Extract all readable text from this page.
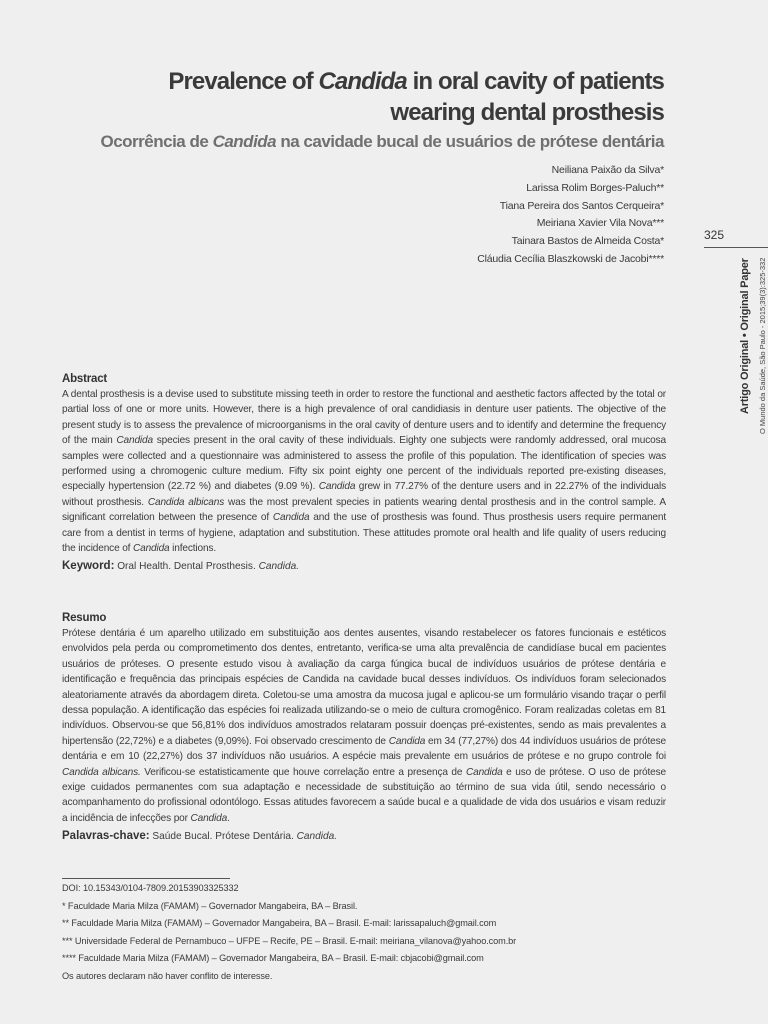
Prevalence of Candida in oral cavity of patients
wearing dental prosthesis
Ocorrência de Candida na cavidade bucal de usuários de prótese dentária
Neiliana Paixão da Silva*
Larissa Rolim Borges-Paluch**
Tiana Pereira dos Santos Cerqueira*
Meiriana Xavier Vila Nova***
Tainara Bastos de Almeida Costa*
Cláudia Cecília Blaszkowski de Jacobi****
325
Artigo Original • Original Paper O Mundo da Saúde, São Paulo - 2015;39(3):325-332
Abstract

A dental prosthesis is a devise used to substitute missing teeth in order to restore the functional and aesthetic factors affected by the total or partial loss of one or more units. However, there is a high prevalence of oral candidiasis in denture user patients. The objective of the present study is to assess the prevalence of microorganisms in the oral cavity of denture users and to identify and determine the frequency of the main Candida species present in the oral cavity of these individuals. Eighty one subjects were randomly addressed, oral mucosa samples were collected and a questionnaire was administered to assess the profile of this population. The identification of species was performed using a chromogenic culture medium. Fifty six point eighty one percent of the individuals reported pre-existing diseases, especially hypertension (22.72 %) and diabetes (9.09 %). Candida grew in 77.27% of the denture users and in 22.27% of the individuals without prosthesis. Candida albicans was the most prevalent species in patients wearing dental prosthesis and in the control sample. A significant correlation between the presence of Candida and the use of prosthesis was found. Thus prosthesis users require permanent care from a dentist in terms of hygiene, adaptation and substitution. These attitudes promote oral health and life quality of users reducing the incidence of Candida infections.

Keyword: Oral Health. Dental Prosthesis. Candida.
Resumo

Prótese dentária é um aparelho utilizado em substituição aos dentes ausentes, visando restabelecer os fatores funcionais e estéticos envolvidos pela perda ou comprometimento dos dentes, entretanto, verifica-se uma alta prevalência de candidíase bucal em pacientes usuários de próteses. O presente estudo visou à avaliação da carga fúngica bucal de indivíduos usuários de prótese dentária e identificação e frequência das principais espécies de Candida na cavidade bucal desses indivíduos. Os indivíduos foram selecionados aleatoriamente através da abordagem direta. Coletou-se uma amostra da mucosa jugal e aplicou-se um formulário visando traçar o perfil dessa população. A identificação das espécies foi realizada utilizando-se o meio de cultura cromogênico. Foram realizadas coletas em 81 indivíduos. Observou-se que 56,81% dos indivíduos amostrados relataram possuir doenças pré-existentes, sendo as mais prevalentes a hipertensão (22,72%) e a diabetes (9,09%). Foi observado crescimento de Candida em 34 (77,27%) dos 44 indivíduos usuários de prótese dentária e em 10 (22,27%) dos 37 indivíduos não usuários. A espécie mais prevalente em usuários de prótese e no grupo controle foi Candida albicans. Verificou-se estatisticamente que houve correlação entre a presença de Candida e uso de prótese. O uso de prótese exige cuidados permanentes com sua adaptação e necessidade de substituição ao término de sua vida útil, sendo necessário o acompanhamento do profissional odontólogo. Essas atitudes favorecem a saúde bucal e a qualidade de vida dos usuários e visam reduzir a incidência de infecções por Candida.

Palavras-chave: Saúde Bucal. Prótese Dentária. Candida.
DOI: 10.15343/0104-7809.20153903325332
* Faculdade Maria Milza (FAMAM) – Governador Mangabeira, BA – Brasil.
** Faculdade Maria Milza (FAMAM) – Governador Mangabeira, BA – Brasil. E-mail: larissapaluch@gmail.com
*** Universidade Federal de Pernambuco – UFPE – Recife, PE – Brasil. E-mail: meiriana_vilanova@yahoo.com.br
**** Faculdade Maria Milza (FAMAM) – Governador Mangabeira, BA – Brasil. E-mail: cbjacobi@gmail.com
Os autores declaram não haver conflito de interesse.
